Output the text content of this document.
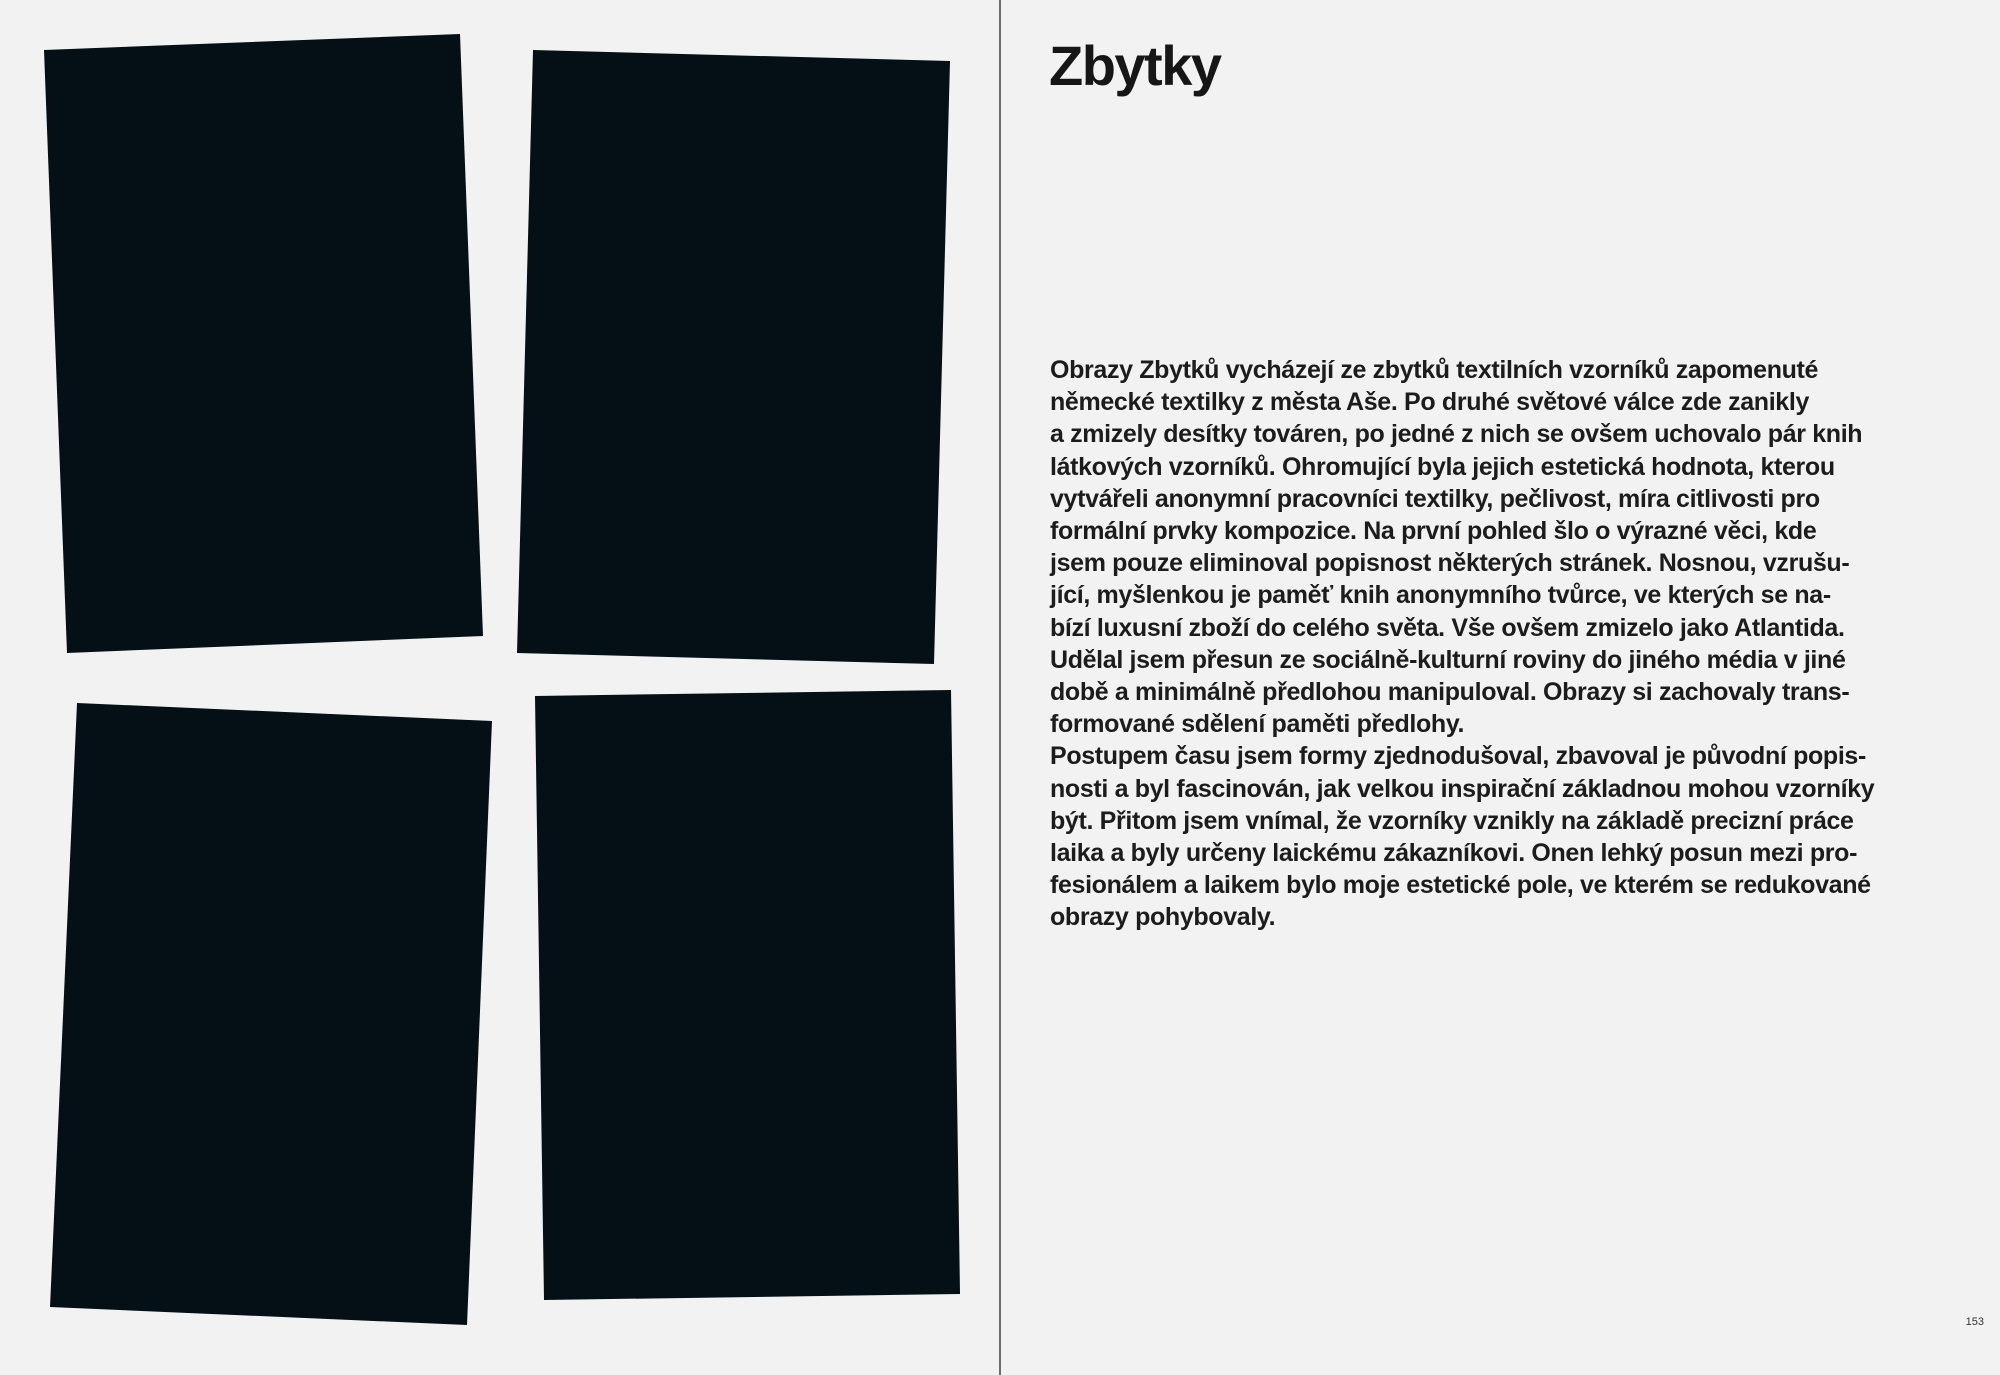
Zbytky

Obrazy Zbytků vycházejí ze zbytků textilních vzorníků zapomenuté
německé textilky z města Aše. Po druhé světové válce zde zanikly
a zmizely desítky továren, po jedné z nich se ovšem uchovalo pár knih
látkových vzorníků. Ohromující byla jejich estetická hodnota, kterou
vytvářeli anonymní pracovníci textilky, pečlivost, míra citlivosti pro
formální prvky kompozice. Na první pohled šlo o výrazné věci, kde
jsem pouze eliminoval popisnost některých stránek. Nosnou, vzrušu-
jící, myšlenkou je paměť knih anonymního tvůrce, ve kterých se na-
bízí luxusní zboží do celého světa. Vše ovšem zmizelo jako Atlantida.
Udělal jsem přesun ze sociálně-kulturní roviny do jiného média v jiné
době a minimálně předlohou manipuloval. Obrazy si zachovaly trans-
formované sdělení paměti předlohy.

Postupem času jsem formy zjednodušoval, zbavoval je původní popis-
nosti a byl fascinován, jak velkou inspirační základnou mohou vzorníky
být. Přitom jsem vnímal, že vzorníky vznikly na základě precizní práce
laika a byly určeny laickému zákazníkovi. Onen lehký posun mezi pro-
fesionálem a laikem bylo moje estetické pole, ve kterém se redukované
obrazy pohybovaly.

153
